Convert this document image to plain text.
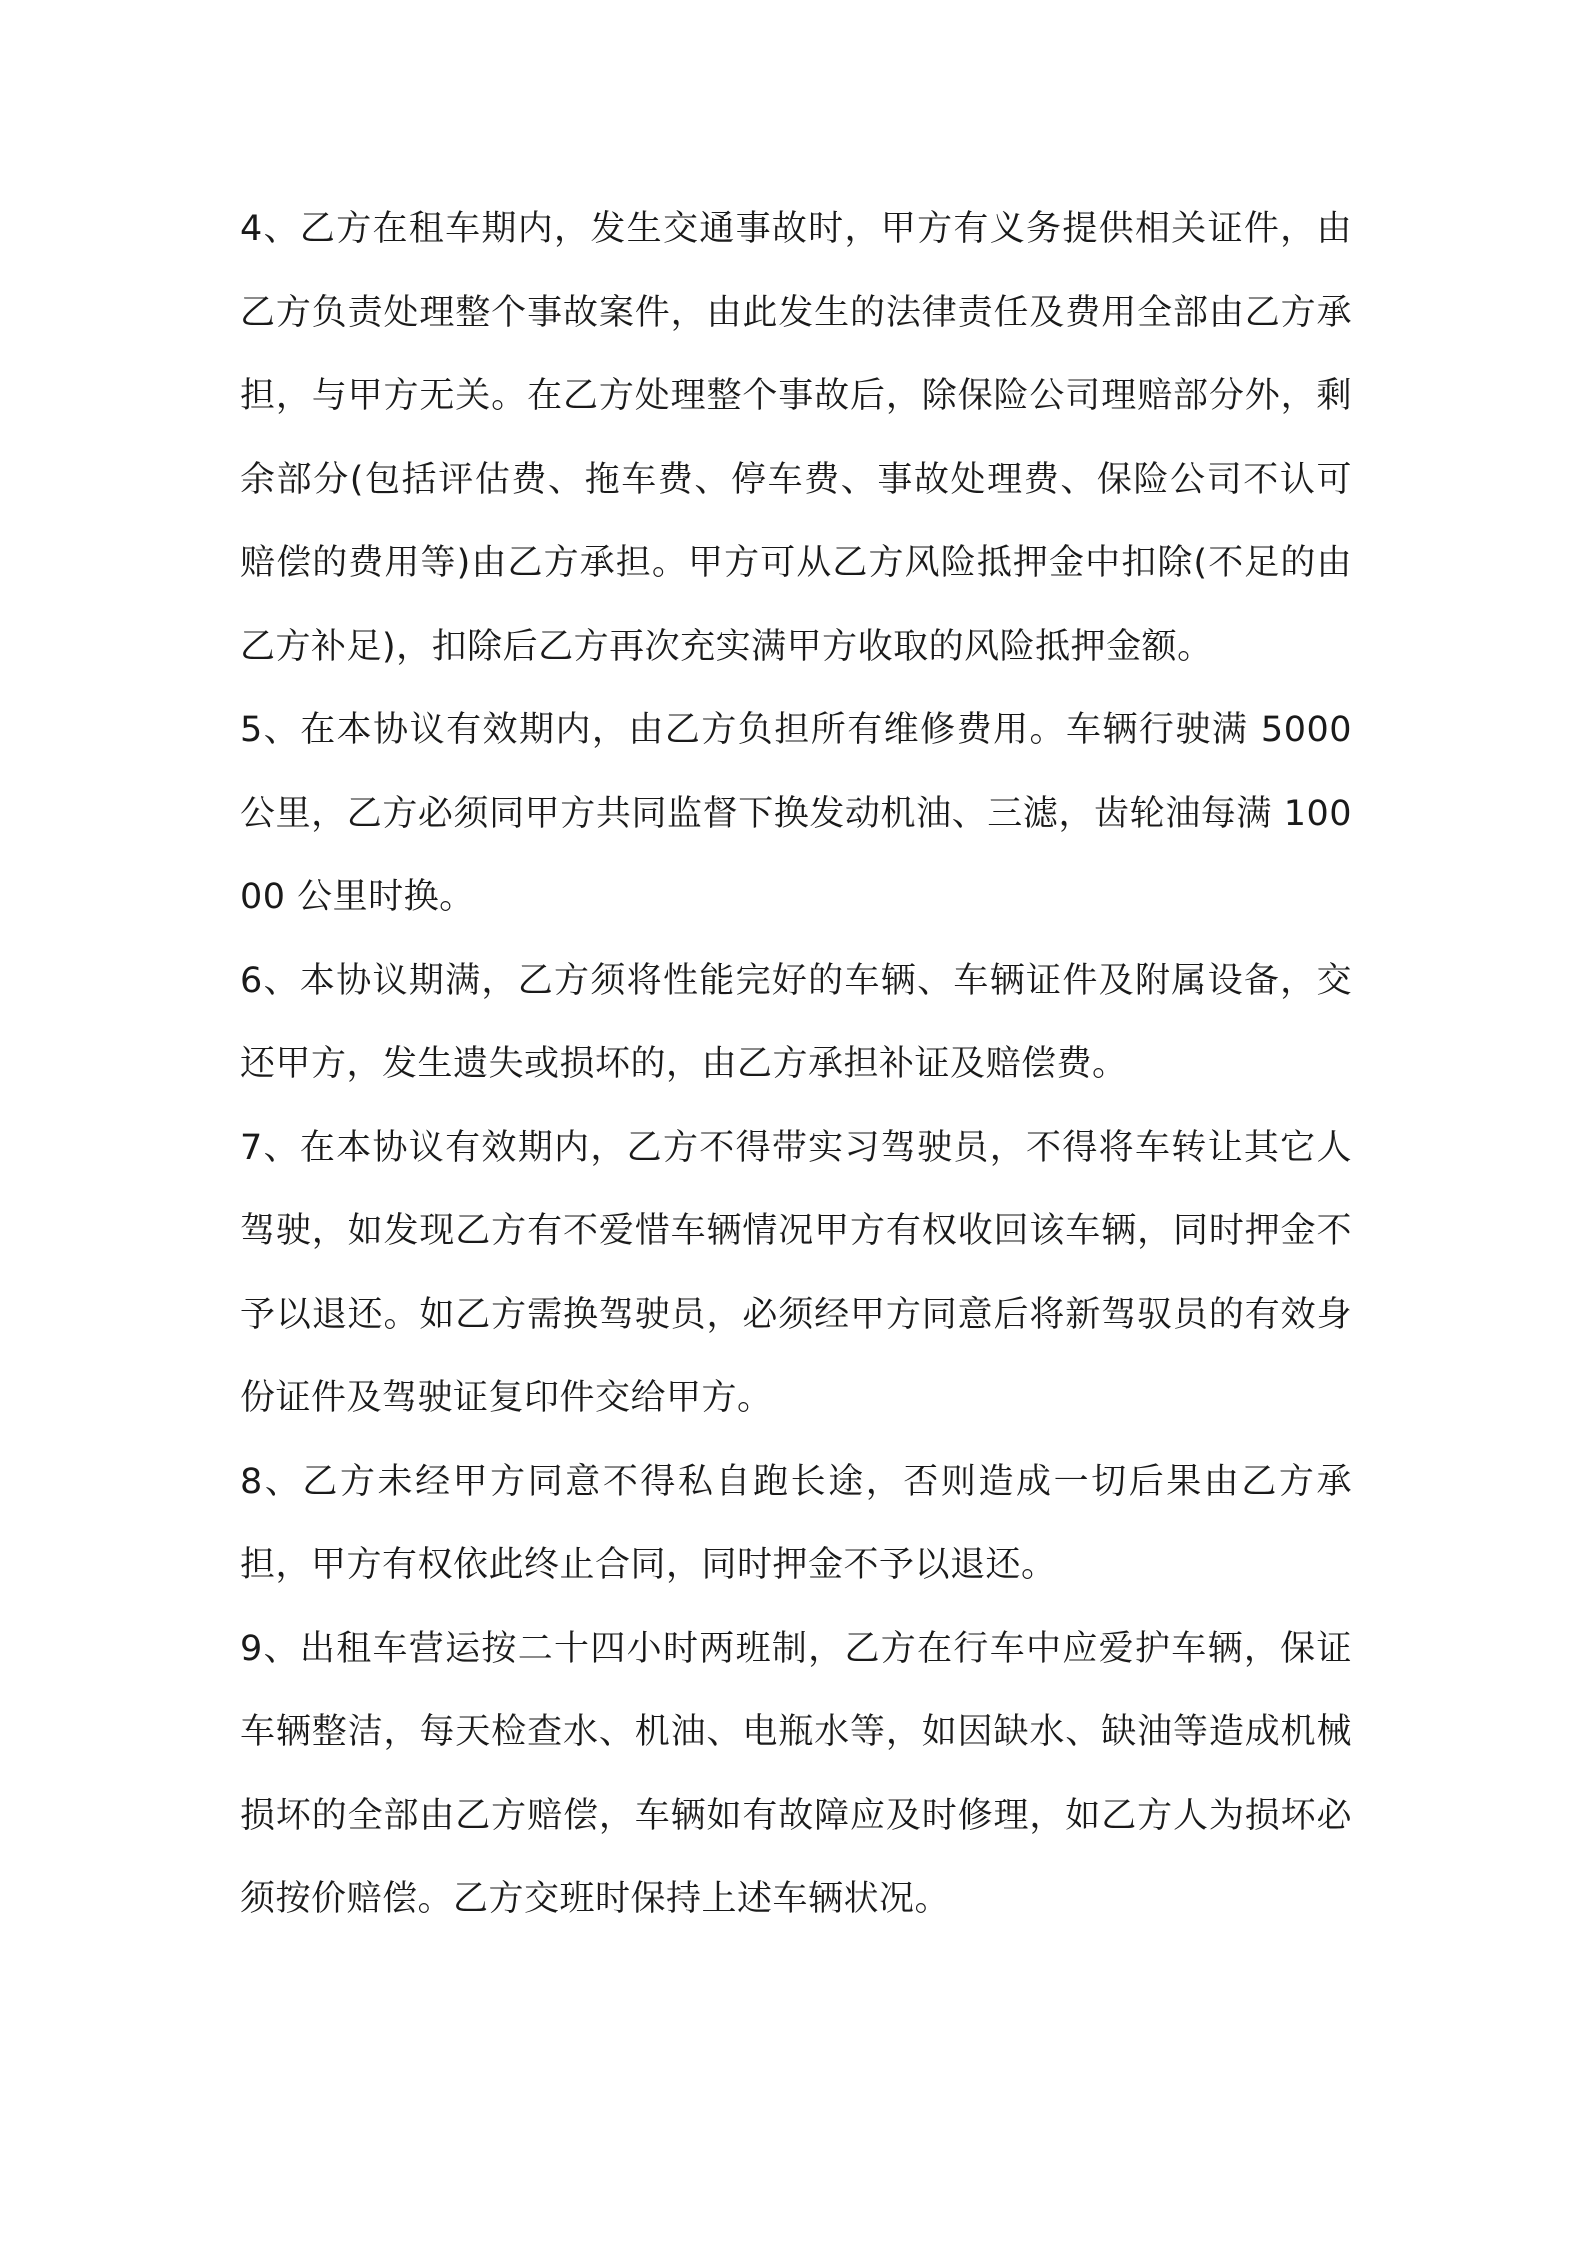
4、乙方在租车期内，发生交通事故时，甲方有义务提供相关证件，由乙方负责处理整个事故案件，由此发生的法律责任及费用全部由乙方承担，与甲方无关。在乙方处理整个事故后，除保险公司理赔部分外，剩余部分(包括评估费、拖车费、停车费、事故处理费、保险公司不认可赔偿的费用等)由乙方承担。甲方可从乙方风险抵押金中扣除(不足的由乙方补足)，扣除后乙方再次充实满甲方收取的风险抵押金额。

5、在本协议有效期内，由乙方负担所有维修费用。车辆行驶满 5000 公里，乙方必须同甲方共同监督下换发动机油、三滤，齿轮油每满 10000 公里时换。

6、本协议期满，乙方须将性能完好的车辆、车辆证件及附属设备，交还甲方，发生遗失或损坏的，由乙方承担补证及赔偿费。

7、在本协议有效期内，乙方不得带实习驾驶员，不得将车转让其它人驾驶，如发现乙方有不爱惜车辆情况甲方有权收回该车辆，同时押金不予以退还。如乙方需换驾驶员，必须经甲方同意后将新驾驭员的有效身份证件及驾驶证复印件交给甲方。

8、乙方未经甲方同意不得私自跑长途，否则造成一切后果由乙方承担，甲方有权依此终止合同，同时押金不予以退还。

9、出租车营运按二十四小时两班制，乙方在行车中应爱护车辆，保证车辆整洁，每天检查水、机油、电瓶水等，如因缺水、缺油等造成机械损坏的全部由乙方赔偿，车辆如有故障应及时修理，如乙方人为损坏必须按价赔偿。乙方交班时保持上述车辆状况。
